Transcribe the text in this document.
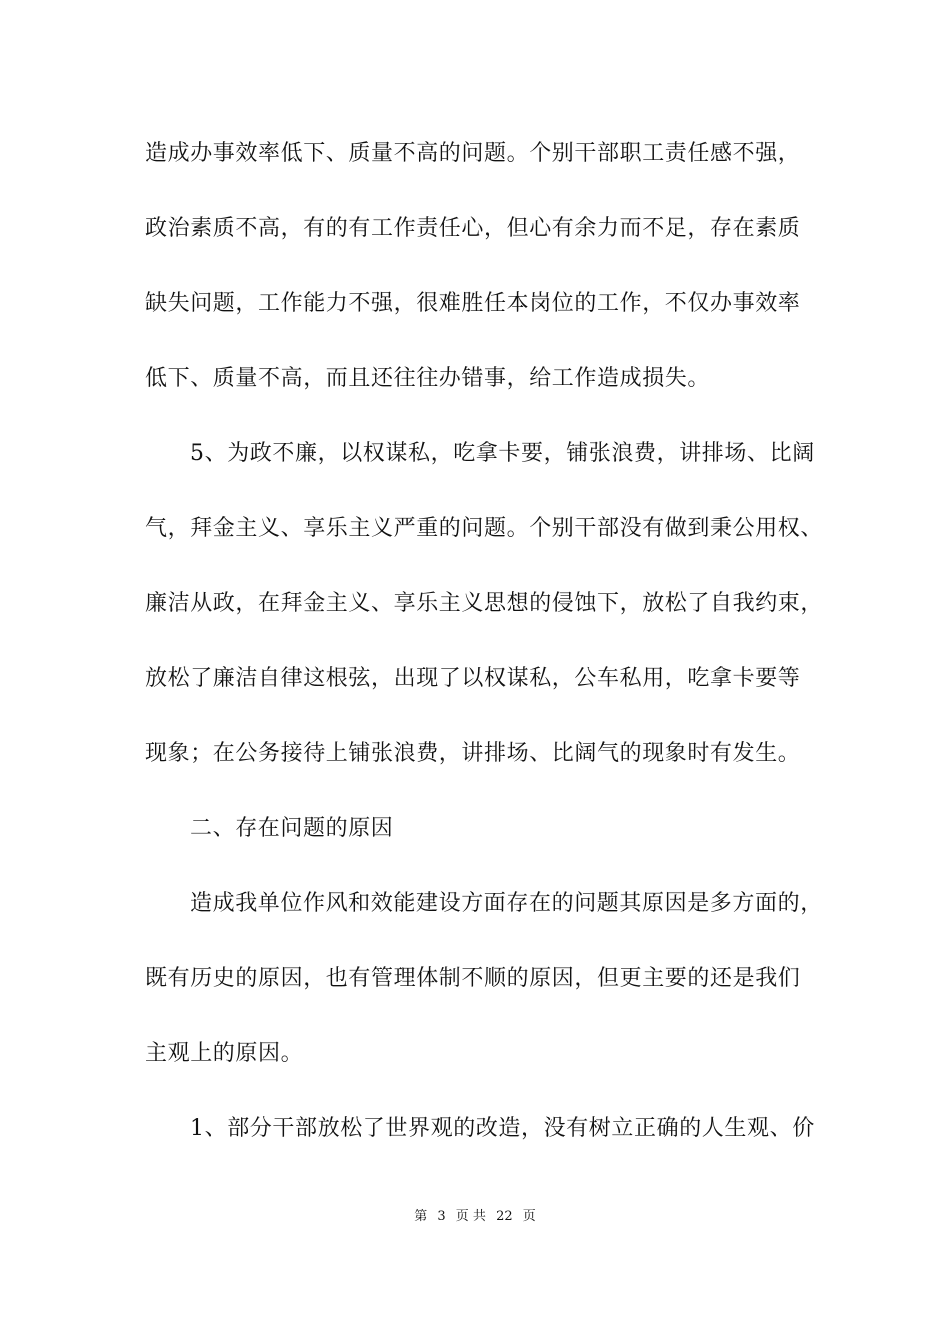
造成办事效率低下、质量不高的问题。个别干部职工责任感不强，
政治素质不高，有的有工作责任心，但心有余力而不足，存在素质
缺失问题，工作能力不强，很难胜任本岗位的工作，不仅办事效率
低下、质量不高，而且还往往办错事，给工作造成损失。
5、为政不廉，以权谋私，吃拿卡要，铺张浪费，讲排场、比阔
气，拜金主义、享乐主义严重的问题。个别干部没有做到秉公用权、
廉洁从政，在拜金主义、享乐主义思想的侵蚀下，放松了自我约束，
放松了廉洁自律这根弦，出现了以权谋私，公车私用，吃拿卡要等
现象；在公务接待上铺张浪费，讲排场、比阔气的现象时有发生。
二、存在问题的原因
造成我单位作风和效能建设方面存在的问题其原因是多方面的，
既有历史的原因，也有管理体制不顺的原因，但更主要的还是我们
主观上的原因。
1、部分干部放松了世界观的改造，没有树立正确的人生观、价
第 3 页 共 22 页
